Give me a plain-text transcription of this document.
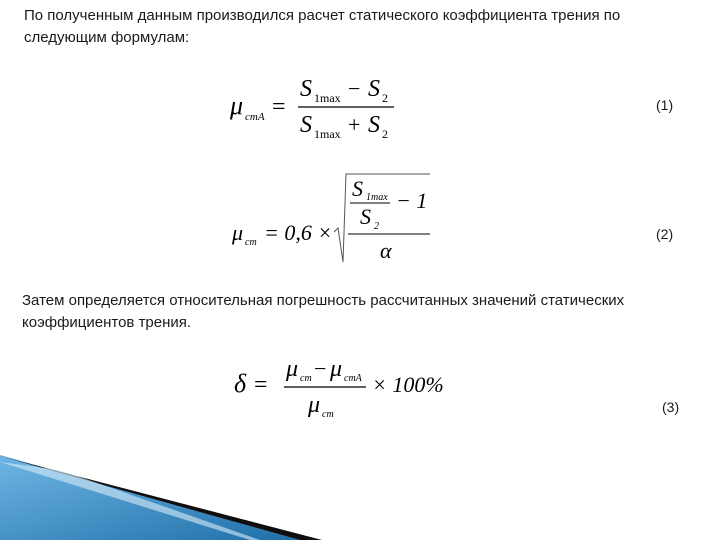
По полученным данным производился расчет статического коэффициента трения по следующим формулам:

μ стA =
S 1max − S 2
S 1max + S 2
(1)
μ ст = 0,6 ×
S 1max
S 2
− 1
α
(2)

Затем определяется относительная погрешность рассчитанных значений статических коэффициентов трения.

δ =
μ ст − μ стA
μ ст
× 100%
(3)
